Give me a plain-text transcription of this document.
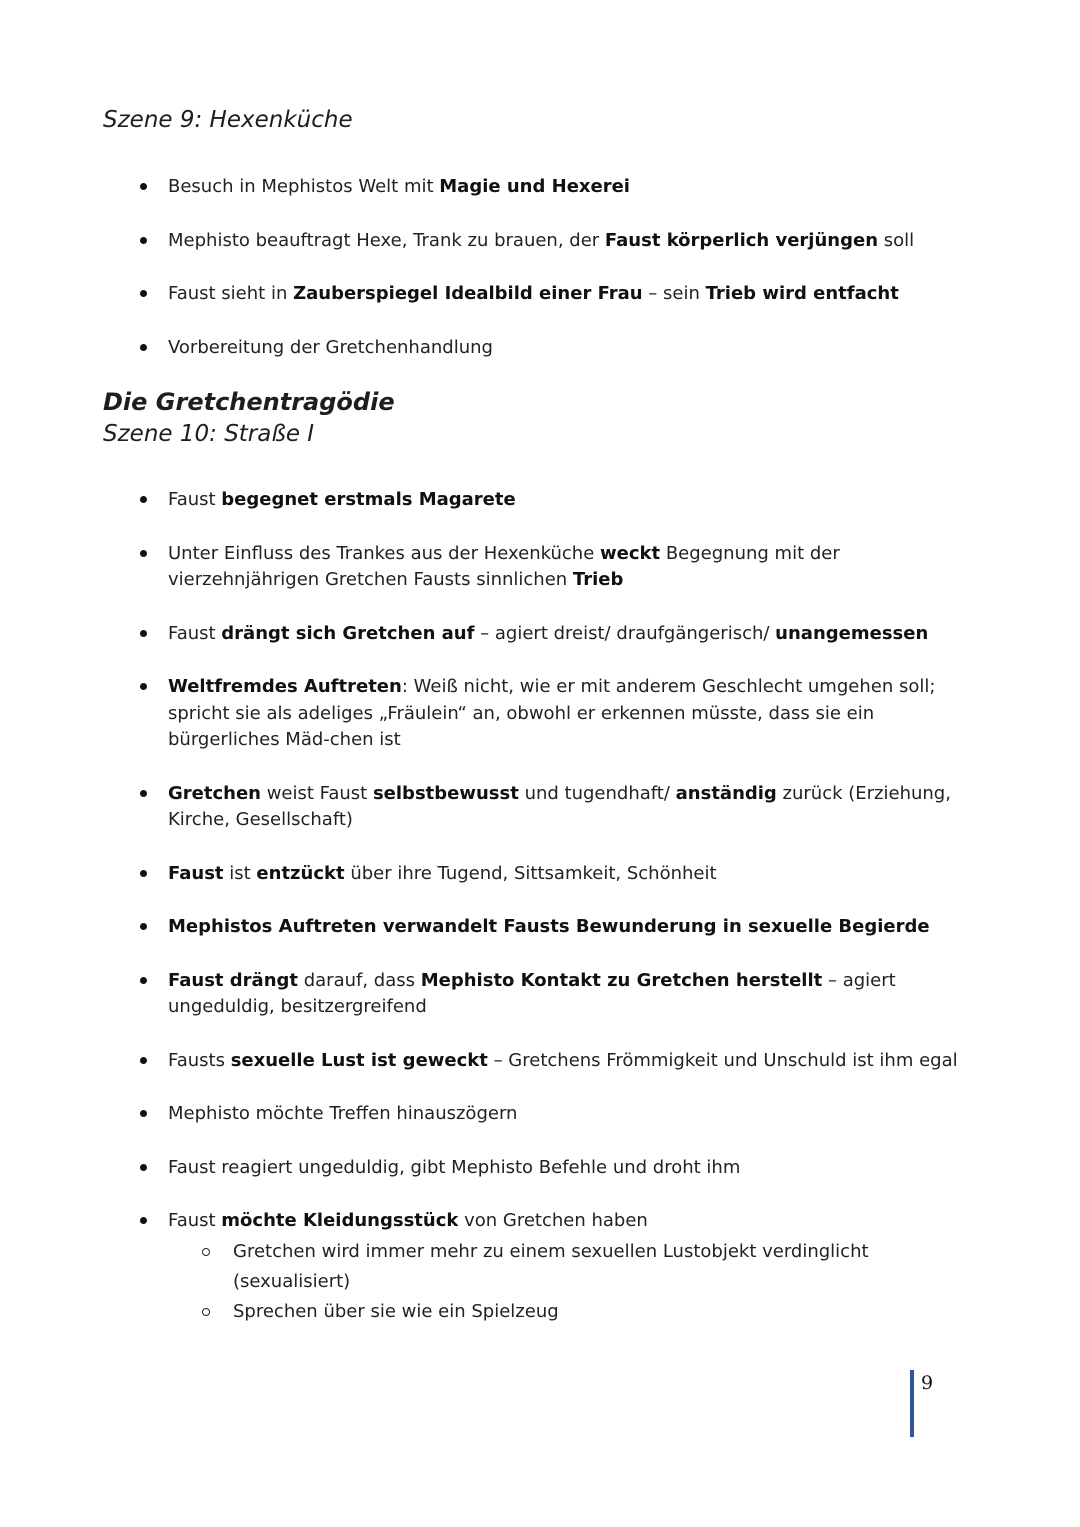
Szene 9: Hexenküche
Besuch in Mephistos Welt mit Magie und Hexerei
Mephisto beauftragt Hexe, Trank zu brauen, der Faust körperlich verjüngen soll
Faust sieht in Zauberspiegel Idealbild einer Frau – sein Trieb wird entfacht
Vorbereitung der Gretchenhandlung
Die Gretchentragödie
Szene 10: Straße I
Faust begegnet erstmals Magarete
Unter Einfluss des Trankes aus der Hexenküche weckt Begegnung mit der vierzehnjährigen Gretchen Fausts sinnlichen Trieb
Faust drängt sich Gretchen auf – agiert dreist/ draufgängerisch/ unangemessen
Weltfremdes Auftreten: Weiß nicht, wie er mit anderem Geschlecht umgehen soll; spricht sie als adeliges „Fräulein“ an, obwohl er erkennen müsste, dass sie ein bürgerliches Mäd-chen ist
Gretchen weist Faust selbstbewusst und tugendhaft/ anständig zurück (Erziehung, Kirche, Gesellschaft)
Faust ist entzückt über ihre Tugend, Sittsamkeit, Schönheit
Mephistos Auftreten verwandelt Fausts Bewunderung in sexuelle Begierde
Faust drängt darauf, dass Mephisto Kontakt zu Gretchen herstellt – agiert ungeduldig, besitzergreifend
Fausts sexuelle Lust ist geweckt – Gretchens Frömmigkeit und Unschuld ist ihm egal
Mephisto möchte Treffen hinauszögern
Faust reagiert ungeduldig, gibt Mephisto Befehle und droht ihm
Faust möchte Kleidungsstück von Gretchen haben
Gretchen wird immer mehr zu einem sexuellen Lustobjekt verdinglicht (sexualisiert)
Sprechen über sie wie ein Spielzeug
9
